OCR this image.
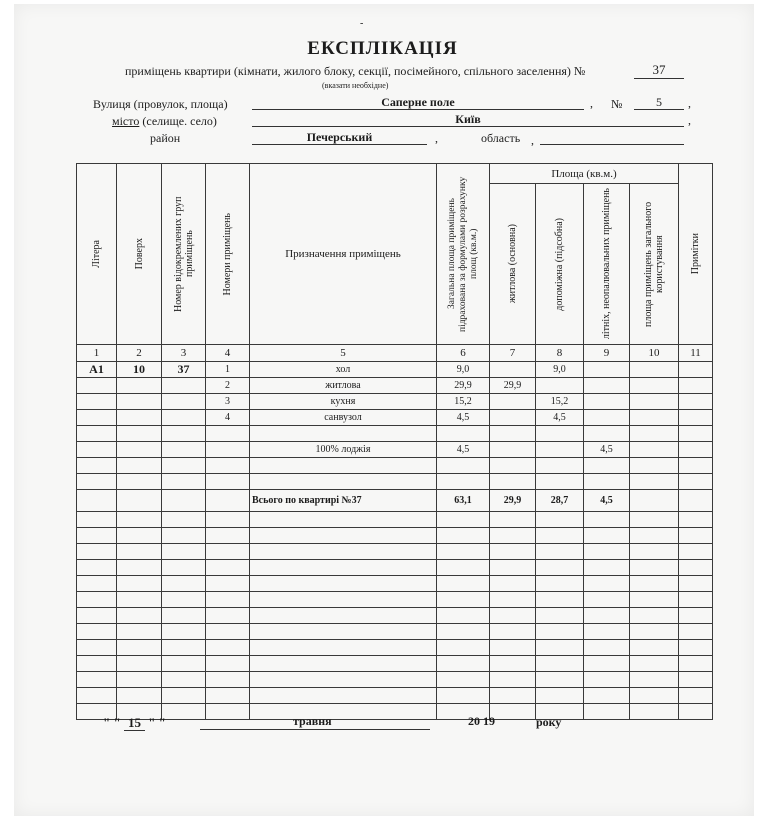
-
ЕКСПЛІКАЦІЯ
приміщень квартири (кімнати, жилого блоку, секції, посімейного, спільного заселення) №	37
(вказати необхідне)
Вулиця (провулок, площа)	Саперне поле	, №	5	,
місто (селище. село)	Київ	,
район	Печерський	,	область ,
Літера	Поверх	Номер відокремлених груп приміщень	Номери приміщень	Призначення приміщень	Загальна площа приміщень підрахована за формулами розрахунку площ (кв.м.)	Площа (кв.м.)				Примітки

						житлова (основна)	допоміжна (підсобна)	літніх, неопалювальних приміщень	площа приміщень загального користування	

1	2	3	4	5	6	7	8	9	10	11
А1	10	37	1	хол	9,0		9,0			
			2	житлова	29,9	29,9				
			3	кухня	15,2		15,2			
			4	санвузол	4,5		4,5			

				100% лоджія	4,5			4,5		

				Всього по квартирі №37	63,1	29,9	28,7	4,5		

" " 15 " "	травня	20 19	року
